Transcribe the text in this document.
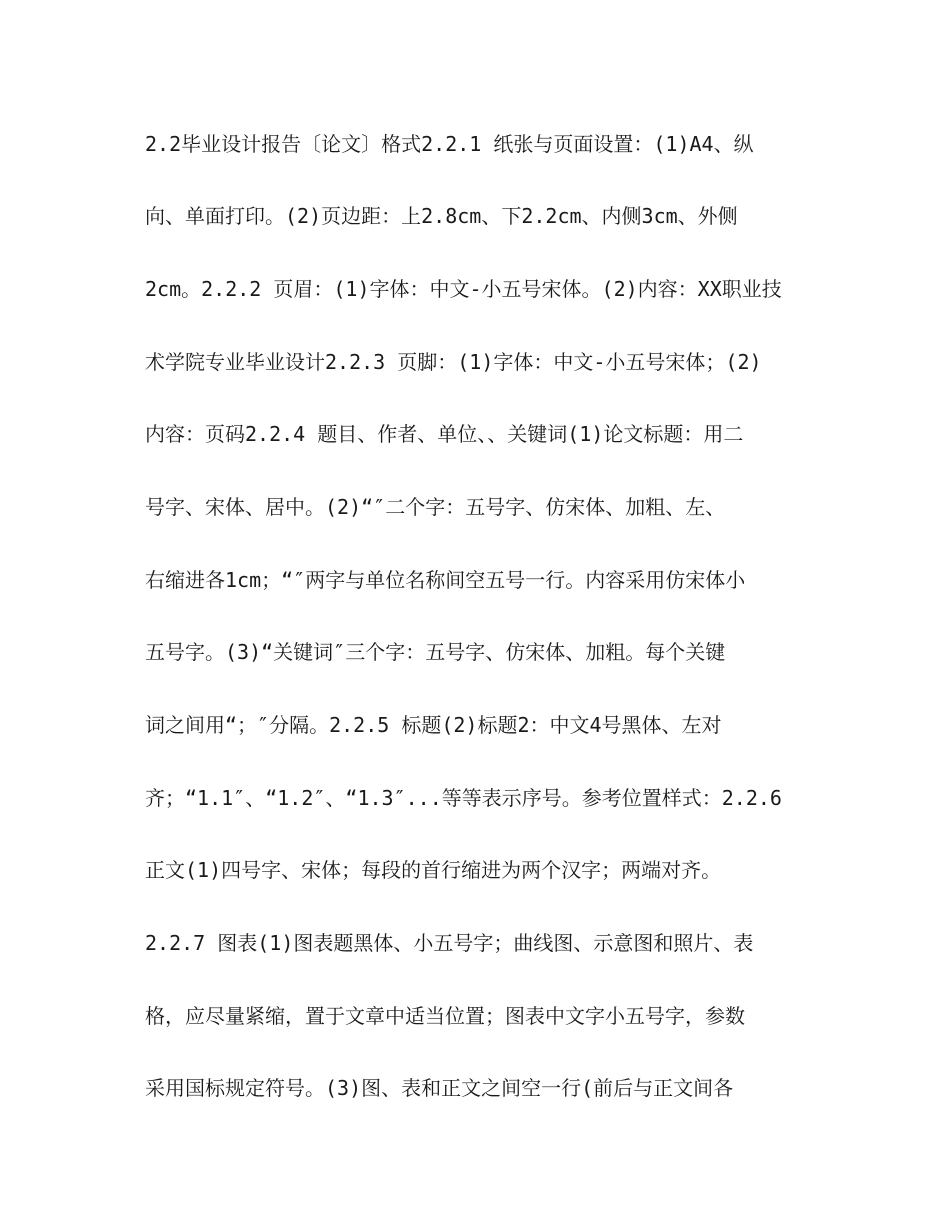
2.2毕业设计报告〔论文〕格式2.2.1 纸张与页面设置：(1)A4、纵
向、单面打印。(2)页边距：上2.8cm、下2.2cm、内侧3cm、外侧
2cm。2.2.2 页眉：(1)字体：中文-小五号宋体。(2)内容：XX职业技
术学院专业毕业设计2.2.3 页脚：(1)字体：中文-小五号宋体；(2)
内容：页码2.2.4 题目、作者、单位、、关键词(1)论文标题：用二
号字、宋体、居中。(2)“″二个字：五号字、仿宋体、加粗、左、
右缩进各1cm；“″两字与单位名称间空五号一行。内容采用仿宋体小
五号字。(3)“关键词″三个字：五号字、仿宋体、加粗。每个关键
词之间用“；″分隔。2.2.5 标题(2)标题2：中文4号黑体、左对
齐；“1.1″、“1.2″、“1.3″...等等表示序号。参考位置样式：2.2.6
正文(1)四号字、宋体；每段的首行缩进为两个汉字；两端对齐。
2.2.7 图表(1)图表题黑体、小五号字；曲线图、示意图和照片、表
格，应尽量紧缩，置于文章中适当位置；图表中文字小五号字，参数
采用国标规定符号。(3)图、表和正文之间空一行(前后与正文间各
